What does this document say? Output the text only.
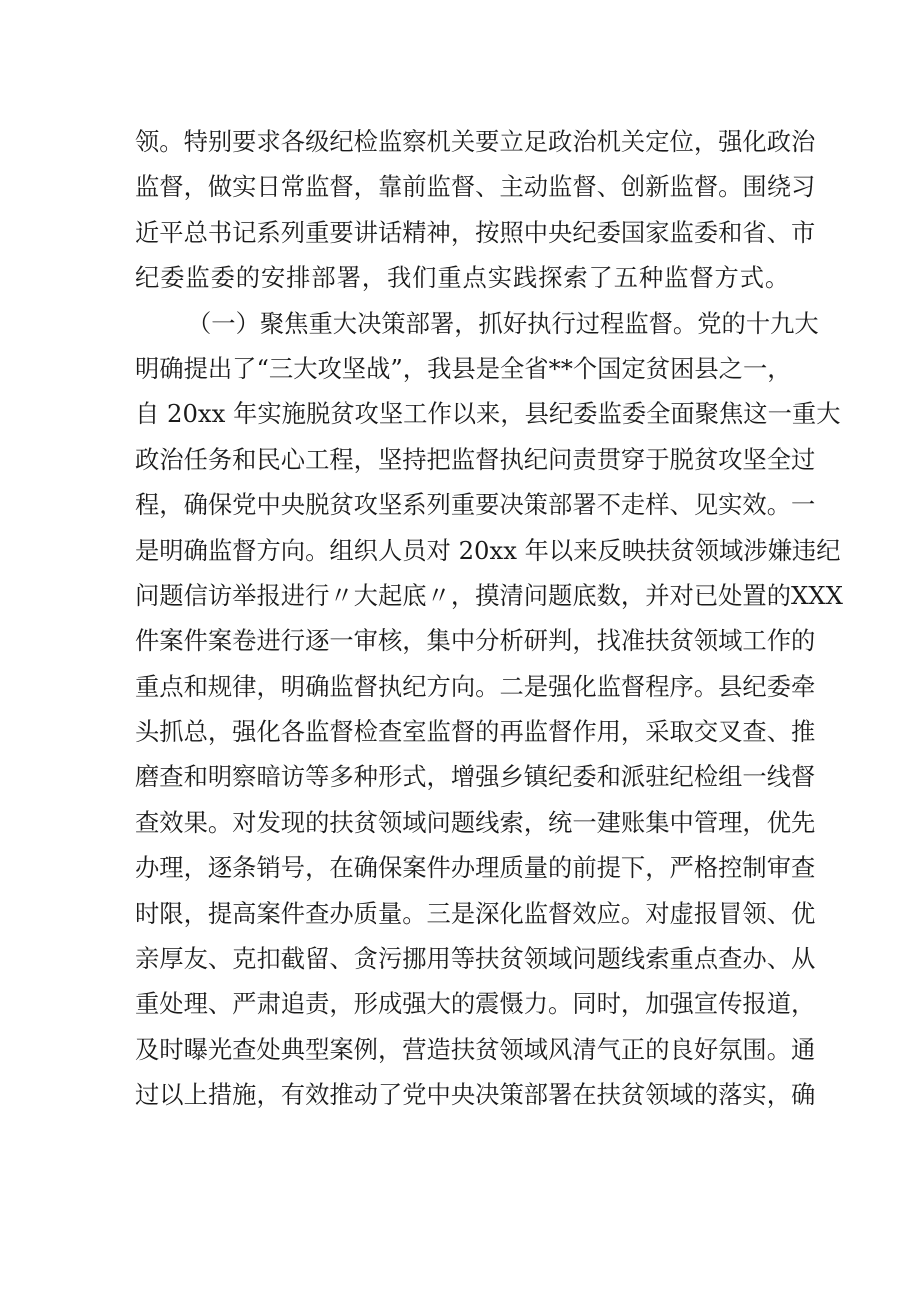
领。特别要求各级纪检监察机关要立足政治机关定位，强化政治
监督，做实日常监督，靠前监督、主动监督、创新监督。围绕习
近平总书记系列重要讲话精神，按照中央纪委国家监委和省、市
纪委监委的安排部署，我们重点实践探索了五种监督方式。
（一）聚焦重大决策部署，抓好执行过程监督。党的十九大
明确提出了“三大攻坚战”，我县是全省**个国定贫困县之一，
自 20xx 年实施脱贫攻坚工作以来，县纪委监委全面聚焦这一重大
政治任务和民心工程，坚持把监督执纪问责贯穿于脱贫攻坚全过
程，确保党中央脱贫攻坚系列重要决策部署不走样、见实效。一
是明确监督方向。组织人员对 20xx 年以来反映扶贫领域涉嫌违纪
问题信访举报进行〃大起底〃，摸清问题底数，并对已处置的XXX
件案件案卷进行逐一审核，集中分析研判，找准扶贫领域工作的
重点和规律，明确监督执纪方向。二是强化监督程序。县纪委牵
头抓总，强化各监督检查室监督的再监督作用，采取交叉查、推
磨查和明察暗访等多种形式，增强乡镇纪委和派驻纪检组一线督
查效果。对发现的扶贫领域问题线索，统一建账集中管理，优先
办理，逐条销号，在确保案件办理质量的前提下，严格控制审查
时限，提高案件查办质量。三是深化监督效应。对虚报冒领、优
亲厚友、克扣截留、贪污挪用等扶贫领域问题线索重点查办、从
重处理、严肃追责，形成强大的震慑力。同时，加强宣传报道，
及时曝光查处典型案例，营造扶贫领域风清气正的良好氛围。通
过以上措施，有效推动了党中央决策部署在扶贫领域的落实，确
